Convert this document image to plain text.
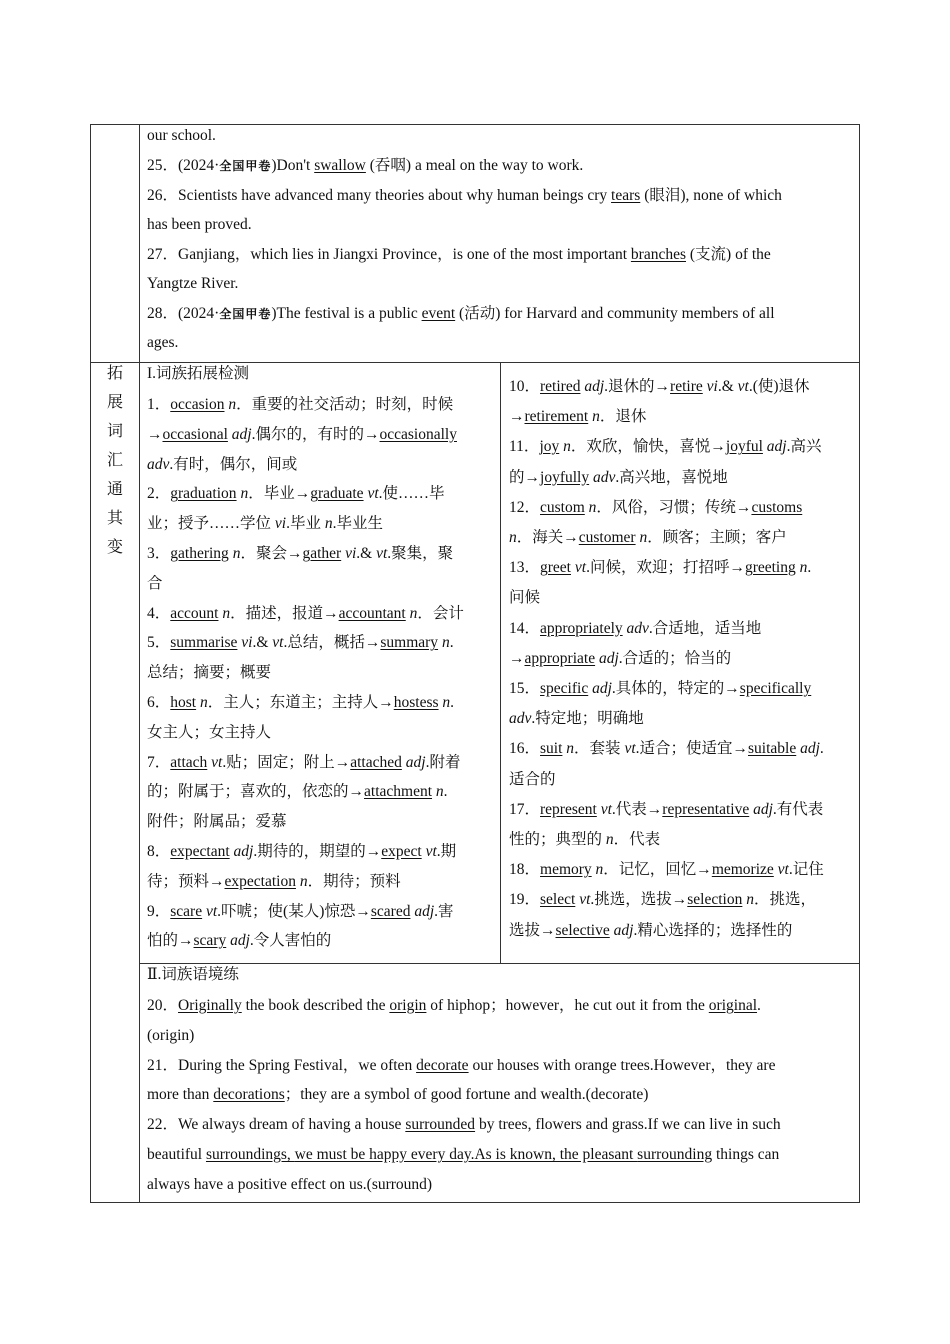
our school.
25．(2024·全国甲卷)Don't swallow (吞咽) a meal on the way to work.
26．Scientists have advanced many theories about why human beings cry tears (眼泪), none of which
has been proved.
27．Ganjiang，which lies in Jiangxi Province，is one of the most important branches (支流) of the
Yangtze River.
28．(2024·全国甲卷)The festival is a public event (活动) for Harvard and community members of all
ages.
拓
展
词
汇
通
其
变
I.词族拓展检测
1．occasion n．重要的社交活动；时刻，时候
→occasional adj.偶尔的，有时的→occasionally
adv.有时，偶尔，间或
2．graduation n．毕业→graduate vt.使……毕
业；授予……学位 vi.毕业 n.毕业生
3．gathering n．聚会→gather vi.& vt.聚集，聚
合
4．account n．描述，报道→accountant n．会计
5．summarise vi.& vt.总结，概括→summary n.
总结；摘要；概要
6．host n．主人；东道主；主持人→hostess n.
女主人；女主持人
7．attach vt.贴；固定；附上→attached adj.附着
的；附属于；喜欢的，依恋的→attachment n.
附件；附属品；爱慕
8．expectant adj.期待的，期望的→expect vt.期
待；预料→expectation n．期待；预料
9．scare vt.吓唬；使(某人)惊恐→scared adj.害
怕的→scary adj.令人害怕的
10．retired adj.退休的→retire vi.& vt.(使)退休
→retirement n．退休
11．joy n．欢欣，愉快，喜悦→joyful adj.高兴
的→joyfully adv.高兴地，喜悦地
12．custom n．风俗，习惯；传统→customs
n．海关→customer n．顾客；主顾；客户
13．greet vt.问候，欢迎；打招呼→greeting n.
问候
14．appropriately adv.合适地，适当地
→appropriate adj.合适的；恰当的
15．specific adj.具体的，特定的→specifically
adv.特定地；明确地
16．suit n．套装 vt.适合；使适宜→suitable adj.
适合的
17．represent vt.代表→representative adj.有代表
性的；典型的 n．代表
18．memory n．记忆，回忆→memorize vt.记住
19．select vt.挑选，选拔→selection n．挑选，
选拔→selective adj.精心选择的；选择性的
Ⅱ.词族语境练
20．Originally the book described the origin of hiphop；however，he cut out it from the original.
(origin)
21．During the Spring Festival，we often decorate our houses with orange trees.However，they are
more than decorations；they are a symbol of good fortune and wealth.(decorate)
22．We always dream of having a house surrounded by trees, flowers and grass.If we can live in such
beautiful surroundings, we must be happy every day.As is known, the pleasant surrounding things can
always have a positive effect on us.(surround)
